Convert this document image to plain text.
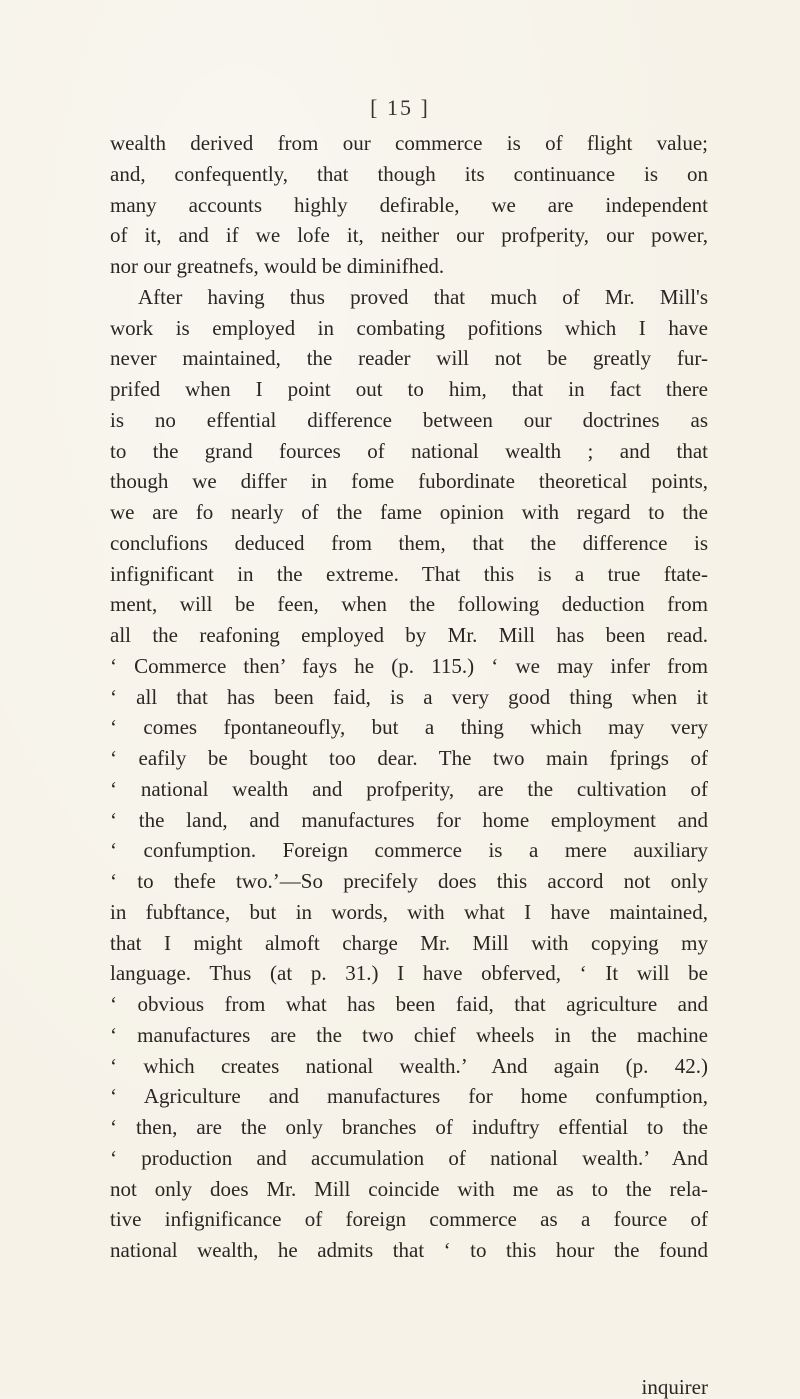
[ 15 ]
wealth derived from our commerce is of flight value;
and, confequently, that though its continuance is on
many accounts highly defirable, we are independent
of it, and if we lofe it, neither our profperity, our power,
nor our greatnefs, would be diminifhed.
After having thus proved that much of Mr. Mill's
work is employed in combating pofitions which I have
never maintained, the reader will not be greatly fur-
prifed when I point out to him, that in fact there
is no effential difference between our doctrines as
to the grand fources of national wealth ; and that
though we differ in fome fubordinate theoretical points,
we are fo nearly of the fame opinion with regard to the
conclufions deduced from them, that the difference is
infignificant in the extreme. That this is a true ftate-
ment, will be feen, when the following deduction from
all the reafoning employed by Mr. Mill has been read.
‘ Commerce then’ fays he (p. 115.) ‘ we may infer from
‘ all that has been faid, is a very good thing when it
‘ comes fpontaneoufly, but a thing which may very
‘ eafily be bought too dear. The two main fprings of
‘ national wealth and profperity, are the cultivation of
‘ the land, and manufactures for home employment and
‘ confumption. Foreign commerce is a mere auxiliary
‘ to thefe two.’—So precifely does this accord not only
in fubftance, but in words, with what I have maintained,
that I might almoft charge Mr. Mill with copying my
language. Thus (at p. 31.) I have obferved, ‘ It will be
‘ obvious from what has been faid, that agriculture and
‘ manufactures are the two chief wheels in the machine
‘ which creates national wealth.’ And again (p. 42.)
‘ Agriculture and manufactures for home confumption,
‘ then, are the only branches of induftry effential to the
‘ production and accumulation of national wealth.’ And
not only does Mr. Mill coincide with me as to the rela-
tive infignificance of foreign commerce as a fource of
national wealth, he admits that ‘ to this hour the found
inquirer
